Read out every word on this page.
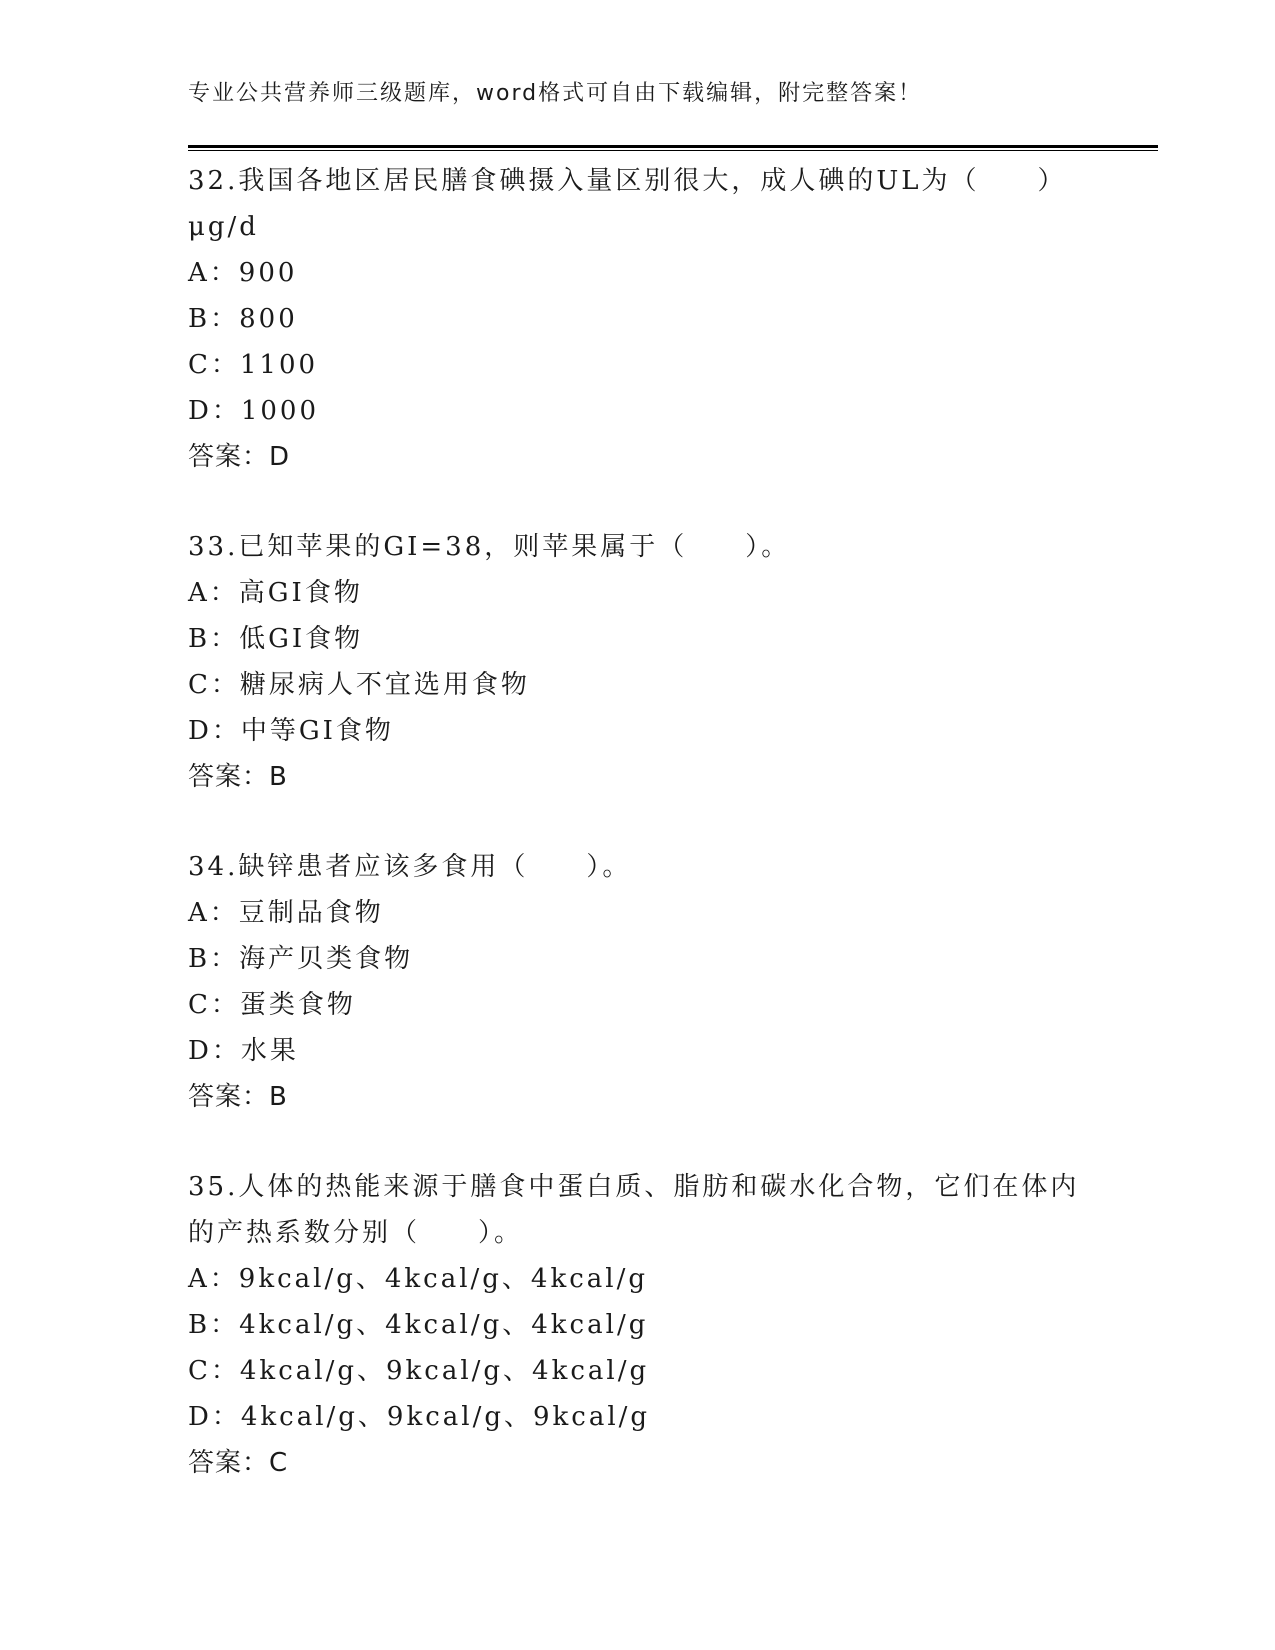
专业公共营养师三级题库，word格式可自由下载编辑，附完整答案！
32.我国各地区居民膳食碘摄入量区别很大，成人碘的UL为（　　）
μg/d
A：900
B：800
C：1100
D：1000
答案：D
33.已知苹果的GI=38，则苹果属于（　　）。
A：高GI食物
B：低GI食物
C：糖尿病人不宜选用食物
D：中等GI食物
答案：B
34.缺锌患者应该多食用（　　）。
A：豆制品食物
B：海产贝类食物
C：蛋类食物
D：水果
答案：B
35.人体的热能来源于膳食中蛋白质、脂肪和碳水化合物，它们在体内
的产热系数分别（　　）。
A：9kcal/g、4kcal/g、4kcal/g
B：4kcal/g、4kcal/g、4kcal/g
C：4kcal/g、9kcal/g、4kcal/g
D：4kcal/g、9kcal/g、9kcal/g
答案：C
